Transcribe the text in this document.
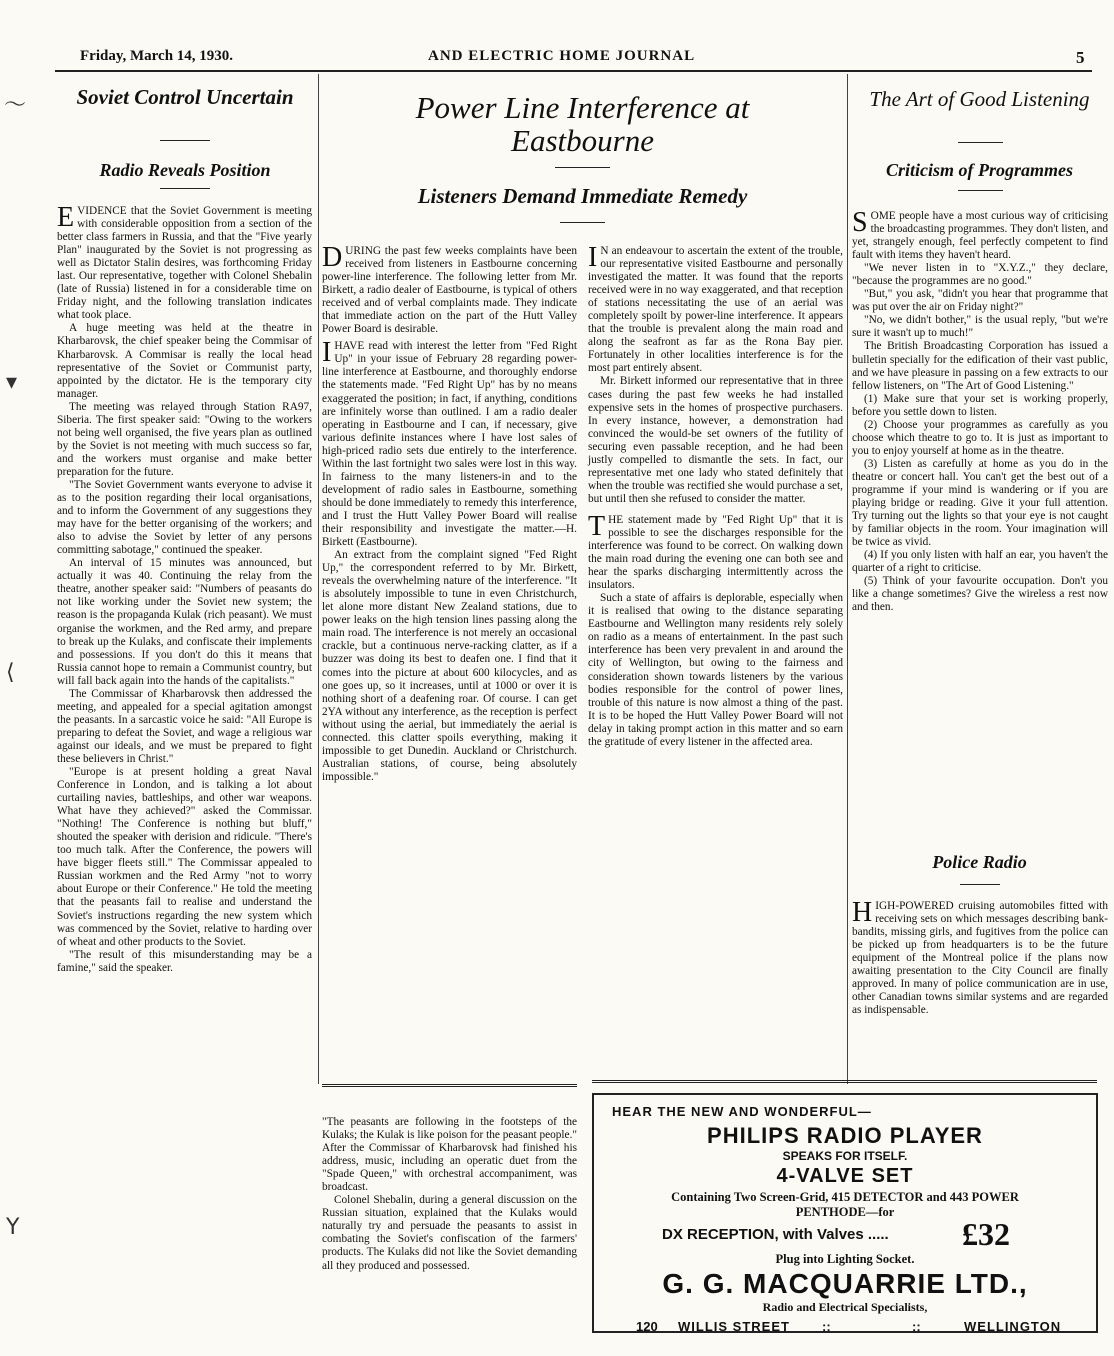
Friday, March 14, 1930.	AND ELECTRIC HOME JOURNAL	5
〜
▾
⟨
Y
Soviet Control Uncertain
Radio Reveals Position

EVIDENCE that the Soviet Government is meeting with considerable opposition from a section of the better class farmers in Russia, and that the "Five yearly Plan" inaugurated by the Soviet is not progressing as well as Dictator Stalin desires, was forthcoming Friday last. Our representative, together with Colonel Shebalin (late of Russia) listened in for a considerable time on Friday night, and the following translation indicates what took place.

A huge meeting was held at the theatre in Kharbarovsk, the chief speaker being the Commisar of Kharbarovsk. A Commisar is really the local head representative of the Soviet or Communist party, appointed by the dictator. He is the temporary city manager.

The meeting was relayed through Station RA97, Siberia. The first speaker said: "Owing to the workers not being well organised, the five years plan as outlined by the Soviet is not meeting with much success so far, and the workers must organise and make better preparation for the future.

"The Soviet Government wants everyone to advise it as to the position regarding their local organisations, and to inform the Government of any suggestions they may have for the better organising of the workers; and also to advise the Soviet by letter of any persons committing sabotage," continued the speaker.

An interval of 15 minutes was announced, but actually it was 40. Continuing the relay from the theatre, another speaker said: "Numbers of peasants do not like working under the Soviet new system; the reason is the propaganda Kulak (rich peasant). We must organise the workmen, and the Red army, and prepare to break up the Kulaks, and confiscate their implements and possessions. If you don't do this it means that Russia cannot hope to remain a Communist country, but will fall back again into the hands of the capitalists."

The Commissar of Kharbarovsk then addressed the meeting, and appealed for a special agitation amongst the peasants. In a sarcastic voice he said: "All Europe is preparing to defeat the Soviet, and wage a religious war against our ideals, and we must be prepared to fight these believers in Christ."

"Europe is at present holding a great Naval Conference in London, and is talking a lot about curtailing navies, battleships, and other war weapons. What have they achieved?" asked the Commissar. "Nothing! The Conference is nothing but bluff," shouted the speaker with derision and ridicule. "There's too much talk. After the Conference, the powers will have bigger fleets still." The Commissar appealed to Russian workmen and the Red Army "not to worry about Europe or their Conference." He told the meeting that the peasants fail to realise and understand the Soviet's instructions regarding the new system which was commenced by the Soviet, relative to harding over of wheat and other products to the Soviet.

"The result of this misunderstanding may be a famine," said the speaker.

Power Line Interference at
Eastbourne
Listeners Demand Immediate Remedy

DURING the past few weeks complaints have been received from listeners in Eastbourne concerning power-line interference. The following letter from Mr. Birkett, a radio dealer of Eastbourne, is typical of others received and of verbal complaints made. They indicate that immediate action on the part of the Hutt Valley Power Board is desirable.

IHAVE read with interest the letter from "Fed Right Up" in your issue of February 28 regarding power-line interference at Eastbourne, and thoroughly endorse the statements made. "Fed Right Up" has by no means exaggerated the position; in fact, if anything, conditions are infinitely worse than outlined. I am a radio dealer operating in Eastbourne and I can, if necessary, give various definite instances where I have lost sales of high-priced radio sets due entirely to the interference. Within the last fortnight two sales were lost in this way. In fairness to the many listeners-in and to the development of radio sales in Eastbourne, something should be done immediately to remedy this interference, and I trust the Hutt Valley Power Board will realise their responsibility and investigate the matter.—H. Birkett (Eastbourne).

An extract from the complaint signed "Fed Right Up," the correspondent referred to by Mr. Birkett, reveals the overwhelming nature of the interference. "It is absolutely impossible to tune in even Christchurch, let alone more distant New Zealand stations, due to power leaks on the high tension lines passing along the main road. The interference is not merely an occasional crackle, but a continuous nerve-racking clatter, as if a buzzer was doing its best to deafen one. I find that it comes into the picture at about 600 kilocycles, and as one goes up, so it increases, until at 1000 or over it is nothing short of a deafening roar. Of course. I can get 2YA without any interference, as the reception is perfect without using the aerial, but immediately the aerial is connected. this clatter spoils everything, making it impossible to get Dunedin. Auckland or Christchurch. Australian stations, of course, being absolutely impossible."

I N an endeavour to ascertain the extent of the trouble, our representative visited Eastbourne and personally investigated the matter. It was found that the reports received were in no way exaggerated, and that reception of stations necessitating the use of an aerial was completely spoilt by power-line interference. It appears that the trouble is prevalent along the main road and along the seafront as far as the Rona Bay pier. Fortunately in other localities interference is for the most part entirely absent.

Mr. Birkett informed our representative that in three cases during the past few weeks he had installed expensive sets in the homes of prospective purchasers. In every instance, however, a demonstration had convinced the would-be set owners of the futility of securing even passable reception, and he had been justly compelled to dismantle the sets. In fact, our representative met one lady who stated definitely that when the trouble was rectified she would purchase a set, but until then she refused to consider the matter.

THE statement made by "Fed Right Up" that it is possible to see the discharges responsible for the interference was found to be correct. On walking down the main road during the evening one can both see and hear the sparks discharging intermittently across the insulators.

Such a state of affairs is deplorable, especially when it is realised that owing to the distance separating Eastbourne and Wellington many residents rely solely on radio as a means of entertainment. In the past such interference has been very prevalent in and around the city of Wellington, but owing to the fairness and consideration shown towards listeners by the various bodies responsible for the control of power lines, trouble of this nature is now almost a thing of the past. It is to be hoped the Hutt Valley Power Board will not delay in taking prompt action in this matter and so earn the gratitude of every listener in the affected area.

"The peasants are following in the footsteps of the Kulaks; the Kulak is like poison for the peasant people." After the Commissar of Kharbarovsk had finished his address, music, including an operatic duet from the "Spade Queen," with orchestral accompaniment, was broadcast.

Colonel Shebalin, during a general discussion on the Russian situation, explained that the Kulaks would naturally try and persuade the peasants to assist in combating the Soviet's confiscation of the farmers' products. The Kulaks did not like the Soviet demanding all they produced and possessed.

The Art of Good Listening
Criticism of Programmes

SOME people have a most curious way of criticising the broadcasting programmes. They don't listen, and yet, strangely enough, feel perfectly competent to find fault with items they haven't heard.

"We never listen in to "X.Y.Z.," they declare, "because the programmes are no good."

"But," you ask, "didn't you hear that programme that was put over the air on Friday night?"

"No, we didn't bother," is the usual reply, "but we're sure it wasn't up to much!"

The British Broadcasting Corporation has issued a bulletin specially for the edification of their vast public, and we have pleasure in passing on a few extracts to our fellow listeners, on "The Art of Good Listening."

(1) Make sure that your set is working properly, before you settle down to listen.

(2) Choose your programmes as carefully as you choose which theatre to go to. It is just as important to you to enjoy yourself at home as in the theatre.

(3) Listen as carefully at home as you do in the theatre or concert hall. You can't get the best out of a programme if your mind is wandering or if you are playing bridge or reading. Give it your full attention. Try turning out the lights so that your eye is not caught by familiar objects in the room. Your imagination will be twice as vivid.

(4) If you only listen with half an ear, you haven't the quarter of a right to criticise.

(5) Think of your favourite occupation. Don't you like a change sometimes? Give the wireless a rest now and then.

Police Radio

HIGH-POWERED cruising automobiles fitted with receiving sets on which messages describing bank-bandits, missing girls, and fugitives from the police can be picked up from headquarters is to be the future equipment of the Montreal police if the plans now awaiting presentation to the City Council are finally approved. In many of police communication are in use, other Canadian towns similar systems and are regarded as indispensable.

HEAR THE NEW AND WONDERFUL—
PHILIPS RADIO PLAYER
SPEAKS FOR ITSELF.
4-VALVE SET
Containing Two Screen-Grid, 415 DETECTOR and 443 POWER
PENTHODE—for
DX RECEPTION, with Valves ..... £32
Plug into Lighting Socket.
G. G. MACQUARRIE LTD.,
Radio and Electrical Specialists,
120 WILLIS STREET ::	::	WELLINGTON
